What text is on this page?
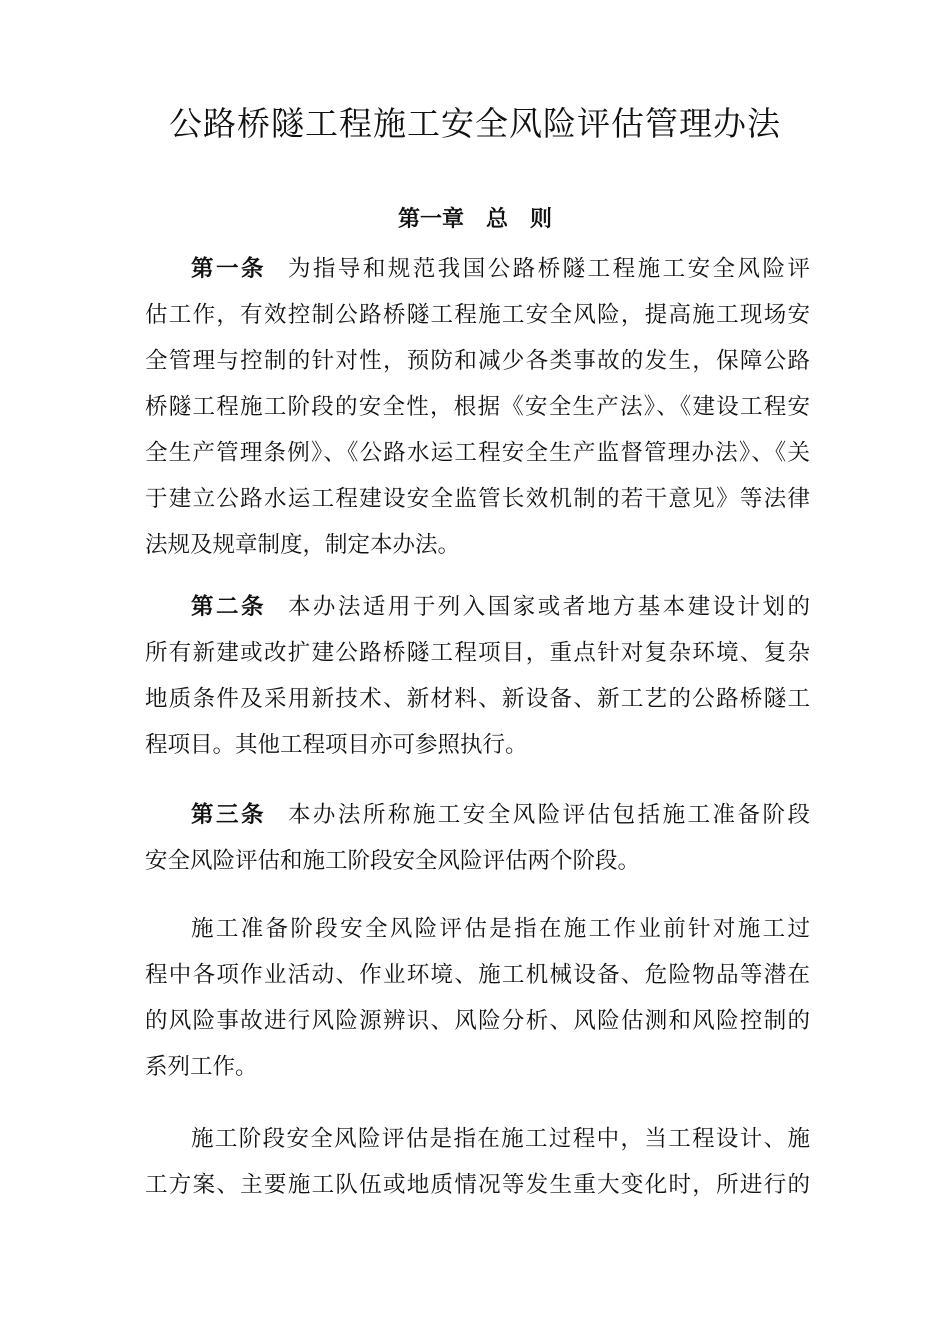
公路桥隧工程施工安全风险评估管理办法
第一章　总　则
第一条 为指导和规范我国公路桥隧工程施工安全风险评
估工作，有效控制公路桥隧工程施工安全风险，提高施工现场安
全管理与控制的针对性，预防和减少各类事故的发生，保障公路
桥隧工程施工阶段的安全性，根据《安全生产法》、《建设工程安
全生产管理条例》、《公路水运工程安全生产监督管理办法》、《关
于建立公路水运工程建设安全监管长效机制的若干意见》等法律
法规及规章制度，制定本办法。
第二条 本办法适用于列入国家或者地方基本建设计划的
所有新建或改扩建公路桥隧工程项目，重点针对复杂环境、复杂
地质条件及采用新技术、新材料、新设备、新工艺的公路桥隧工
程项目。其他工程项目亦可参照执行。
第三条 本办法所称施工安全风险评估包括施工准备阶段
安全风险评估和施工阶段安全风险评估两个阶段。
施工准备阶段安全风险评估是指在施工作业前针对施工过
程中各项作业活动、作业环境、施工机械设备、危险物品等潜在
的风险事故进行风险源辨识、风险分析、风险估测和风险控制的
系列工作。
施工阶段安全风险评估是指在施工过程中，当工程设计、施
工方案、主要施工队伍或地质情况等发生重大变化时，所进行的
